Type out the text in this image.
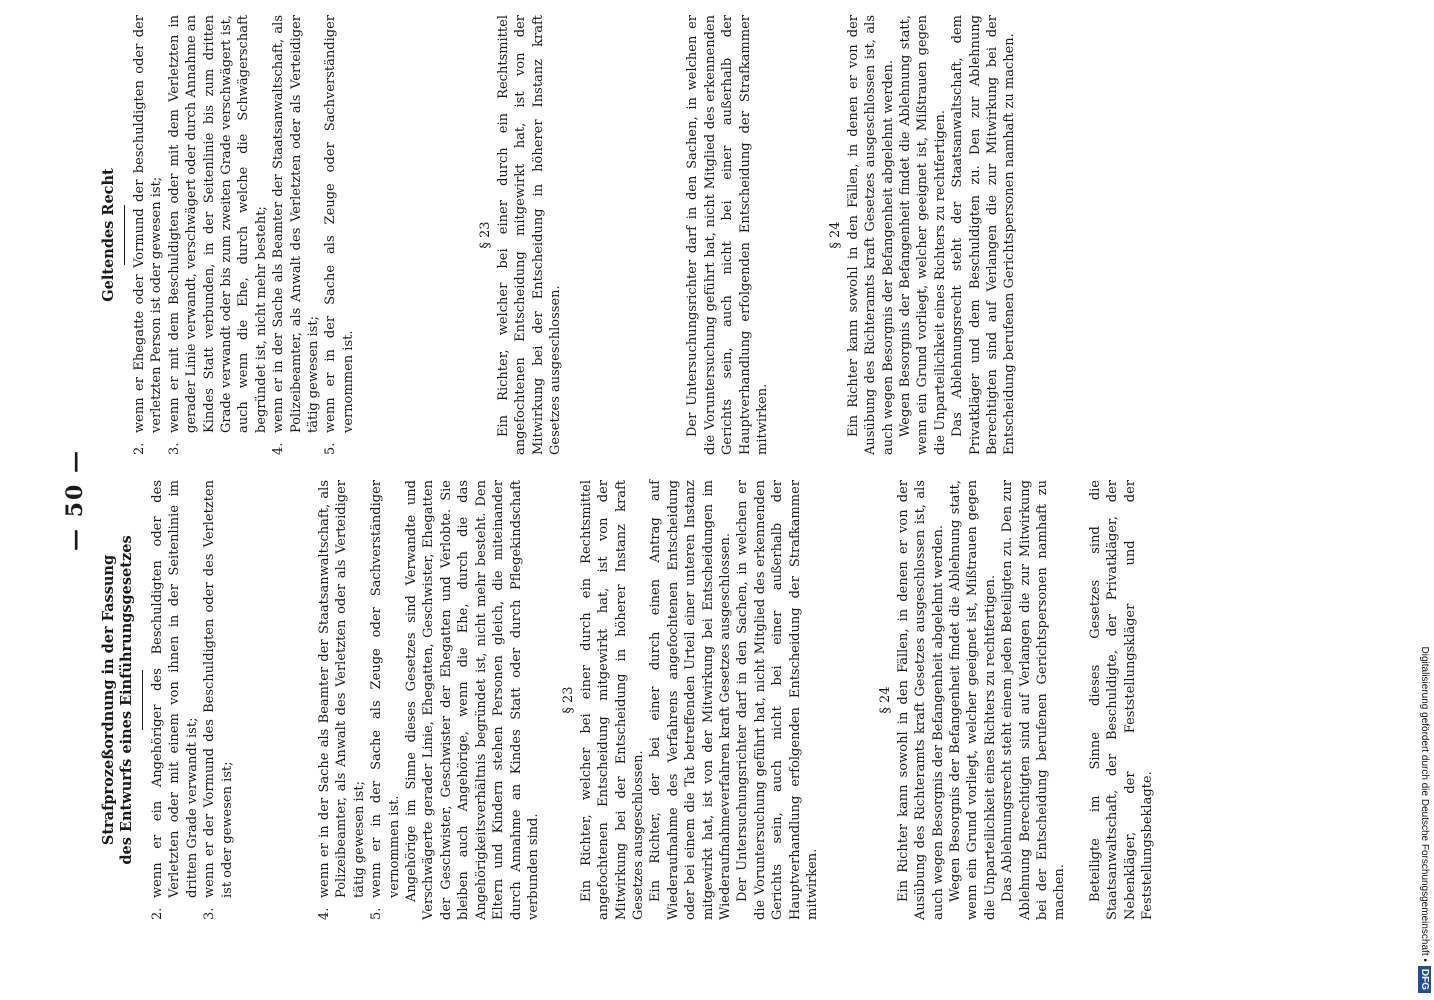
— 50 —
Strafprozeßordnung in der Fassung des Entwurfs eines Einführungsgesetzes
2.
wenn er ein Angehöriger des Beschuldigten oder des Verletzten oder mit einem von ihnen in der Seitenlinie im dritten Grade verwandt ist;
3.
wenn er der Vormund des Beschuldigten oder des Verletzten ist oder gewesen ist;
4.
wenn er in der Sache als Beamter der Staatsanwaltschaft, als Polizeibeamter, als Anwalt des Verletzten oder als Verteidiger tätig gewesen ist;
5.
wenn er in der Sache als Zeuge oder Sachverständiger vernommen ist. Angehörige im Sinne dieses Gesetzes sind Verwandte und Verschwägerte gerader Linie, Ehegatten, Geschwister, Ehegatten der Geschwister, Geschwister der Ehegatten und Verlobte. Sie bleiben auch Angehörige, wenn die Ehe, durch die das Angehörigkeitsverhältnis begründet ist, nicht mehr besteht. Den Eltern und Kindern stehen Personen gleich, die miteinander durch Annahme an Kindes Statt oder durch Pflegekindschaft verbunden sind.

§ 23 Ein Richter, welcher bei einer durch ein Rechtsmittel angefochtenen Entscheidung mitgewirkt hat, ist von der Mitwirkung bei der Entscheidung in höherer Instanz kraft Gesetzes ausgeschlossen. Ein Richter, der bei einer durch einen Antrag auf Wiederaufnahme des Verfahrens angefochtenen Entscheidung oder bei einem die Tat betreffenden Urteil einer unteren Instanz mitgewirkt hat, ist von der Mitwirkung bei Entscheidungen im Wiederaufnahmeverfahren kraft Gesetzes ausgeschlossen. Der Untersuchungsrichter darf in den Sachen, in welchen er die Voruntersuchung geführt hat, nicht Mitglied des erkennenden Gerichts sein, auch nicht bei einer außerhalb der Hauptverhandlung erfolgenden Entscheidung der Strafkammer mitwirken.

§ 24 Ein Richter kann sowohl in den Fällen, in denen er von der Ausübung des Richteramts kraft Gesetzes ausgeschlossen ist, als auch wegen Besorgnis der Befangenheit abgelehnt werden. Wegen Besorgnis der Befangenheit findet die Ablehnung statt, wenn ein Grund vorliegt, welcher geeignet ist, Mißtrauen gegen die Unparteilichkeit eines Richters zu rechtfertigen. Das Ablehnungsrecht steht einem jeden Beteiligten zu. Den zur Ablehnung Berechtigten sind auf Verlangen die zur Mitwirkung bei der Entscheidung berufenen Gerichtspersonen namhaft zu machen. Beteiligte im Sinne dieses Gesetzes sind die Staatsanwaltschaft, der Beschuldigte, der Privatkläger, der Nebenkläger, der Feststellungskläger und der Feststellungsbeklagte.

Geltendes Recht
2.
wenn er Ehegatte oder Vormund der beschuldigten oder der verletzten Person ist oder gewesen ist;
3.
wenn er mit dem Beschuldigten oder mit dem Verletzten in gerader Linie verwandt, verschwägert oder durch Annahme an Kindes Statt verbunden, in der Seitenlinie bis zum dritten Grade verwandt oder bis zum zweiten Grade verschwägert ist, auch wenn die Ehe, durch welche die Schwägerschaft begründet ist, nicht mehr besteht;
4.
wenn er in der Sache als Beamter der Staatsanwaltschaft, als Polizeibeamter, als Anwalt des Verletzten oder als Verteidiger tätig gewesen ist;
5.
wenn er in der Sache als Zeuge oder Sachverständiger vernommen ist.

§ 23 Ein Richter, welcher bei einer durch ein Rechtsmittel angefochtenen Entscheidung mitgewirkt hat, ist von der Mitwirkung bei der Entscheidung in höherer Instanz kraft Gesetzes ausgeschlossen.	Der Untersuchungsrichter darf in den Sachen, in welchen er die Voruntersuchung geführt hat, nicht Mitglied des erkennenden Gerichts sein, auch nicht bei einer außerhalb der Hauptverhandlung erfolgenden Entscheidung der Strafkammer mitwirken.

§ 24 Ein Richter kann sowohl in den Fällen, in denen er von der Ausübung des Richteramts kraft Gesetzes ausgeschlossen ist, als auch wegen Besorgnis der Befangenheit abgelehnt werden. Wegen Besorgnis der Befangenheit findet die Ablehnung statt, wenn ein Grund vorliegt, welcher geeignet ist, Mißtrauen gegen die Unparteilichkeit eines Richters zu rechtfertigen. Das Ablehnungsrecht steht der Staatsanwaltschaft, dem Privatkläger und dem Beschuldigten zu. Den zur Ablehnung Berechtigten sind auf Verlangen die zur Mitwirkung bei der Entscheidung berufenen Gerichtspersonen namhaft zu machen.

Digitalisierung gefördert durch die Deutsche Forschungsgemeinschaft •DFG
